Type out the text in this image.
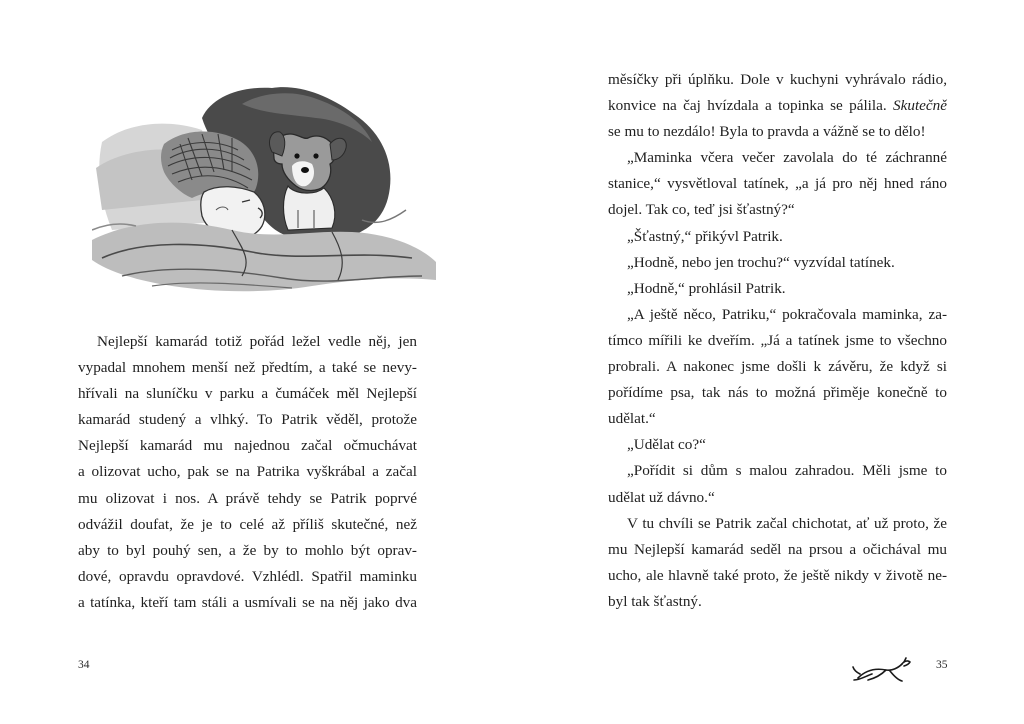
Nejlepší kamarád totiž pořád ležel vedle něj, jen
vypadal mnohem menší než předtím, a také se nevy-
hřívali na sluníčku v parku a čumáček měl Nejlepší
kamarád studený a vlhký. To Patrik věděl, protože
Nejlepší kamarád mu najednou začal očmuchávat
a olizovat ucho, pak se na Patrika vyškrábal a začal
mu olizovat i nos. A právě tehdy se Patrik poprvé
odvážil doufat, že je to celé až příliš skutečné, než
aby to byl pouhý sen, a že by to mohlo být oprav-
dové, opravdu opravdové. Vzhlédl. Spatřil maminku
a tatínka, kteří tam stáli a usmívali se na něj jako dva
34
měsíčky při úplňku. Dole v kuchyni vyhrávalo rádio,
konvice na čaj hvízdala a topinka se pálila. Skutečně
se mu to nezdálo! Byla to pravda a vážně se to dělo!
„Maminka včera večer zavolala do té záchranné
stanice,“ vysvětloval tatínek, „a já pro něj hned ráno
dojel. Tak co, teď jsi šťastný?“
„Šťastný,“ přikývl Patrik.
„Hodně, nebo jen trochu?“ vyzvídal tatínek.
„Hodně,“ prohlásil Patrik.
„A ještě něco, Patriku,“ pokračovala maminka, za-
tímco mířili ke dveřím. „Já a tatínek jsme to všechno
probrali. A nakonec jsme došli k závěru, že když si
pořídíme psa, tak nás to možná přiměje konečně to
udělat.“
„Udělat co?“
„Pořídit si dům s malou zahradou. Měli jsme to
udělat už dávno.“
V tu chvíli se Patrik začal chichotat, ať už proto, že
mu Nejlepší kamarád seděl na prsou a očichával mu
ucho, ale hlavně také proto, že ještě nikdy v životě ne-
byl tak šťastný.
35
